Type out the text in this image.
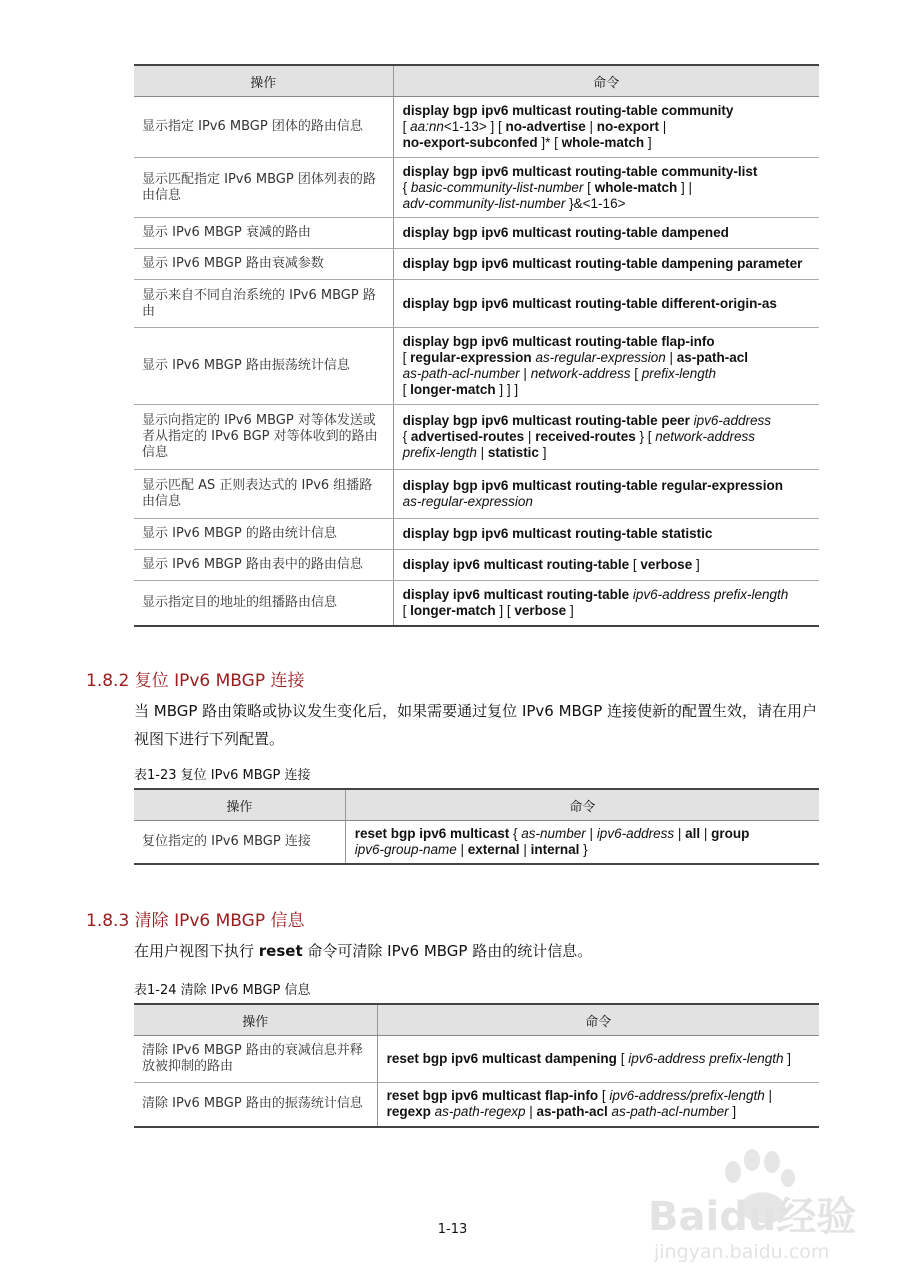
操作	命令
显示指定 IPv6 MBGP 团体的路由信息	display bgp ipv6 multicast routing-table community
[ aa:nn<1-13> ] [ no-advertise | no-export |
no-export-subconfed ]* [ whole-match ]
显示匹配指定 IPv6 MBGP 团体列表的路由信息	display bgp ipv6 multicast routing-table community-list
{ basic-community-list-number [ whole-match ] |
adv-community-list-number }&<1-16>
显示 IPv6 MBGP 衰减的路由	display bgp ipv6 multicast routing-table dampened
显示 IPv6 MBGP 路由衰减参数	display bgp ipv6 multicast routing-table dampening parameter
显示来自不同自治系统的 IPv6 MBGP 路由	display bgp ipv6 multicast routing-table different-origin-as
显示 IPv6 MBGP 路由振荡统计信息	display bgp ipv6 multicast routing-table flap-info
[ regular-expression as-regular-expression | as-path-acl
as-path-acl-number | network-address [ prefix-length
[ longer-match ] ] ]
显示向指定的 IPv6 MBGP 对等体发送或者从指定的 IPv6 BGP 对等体收到的路由信息	display bgp ipv6 multicast routing-table peer ipv6-address
{ advertised-routes | received-routes } [ network-address
prefix-length | statistic ]
显示匹配 AS 正则表达式的 IPv6 组播路由信息	display bgp ipv6 multicast routing-table regular-expression
as-regular-expression
显示 IPv6 MBGP 的路由统计信息	display bgp ipv6 multicast routing-table statistic
显示 IPv6 MBGP 路由表中的路由信息	display ipv6 multicast routing-table [ verbose ]
显示指定目的地址的组播路由信息	display ipv6 multicast routing-table ipv6-address prefix-length
[ longer-match ] [ verbose ]
1.8.2 复位 IPv6 MBGP 连接

当 MBGP 路由策略或协议发生变化后，如果需要通过复位 IPv6 MBGP 连接使新的配置生效，请在用户视图下进行下列配置。

表1-23 复位 IPv6 MBGP 连接
操作	命令
复位指定的 IPv6 MBGP 连接	reset bgp ipv6 multicast { as-number | ipv6-address | all | group
ipv6-group-name | external | internal }
1.8.3 清除 IPv6 MBGP 信息

在用户视图下执行 reset 命令可清除 IPv6 MBGP 路由的统计信息。

表1-24 清除 IPv6 MBGP 信息
操作	命令
清除 IPv6 MBGP 路由的衰减信息并释放被抑制的路由	reset bgp ipv6 multicast dampening [ ipv6-address prefix-length ]
清除 IPv6 MBGP 路由的振荡统计信息	reset bgp ipv6 multicast flap-info [ ipv6-address/prefix-length |
regexp as-path-regexp | as-path-acl as-path-acl-number ]
1-13	Baidu经验
jingyan.baidu.com
